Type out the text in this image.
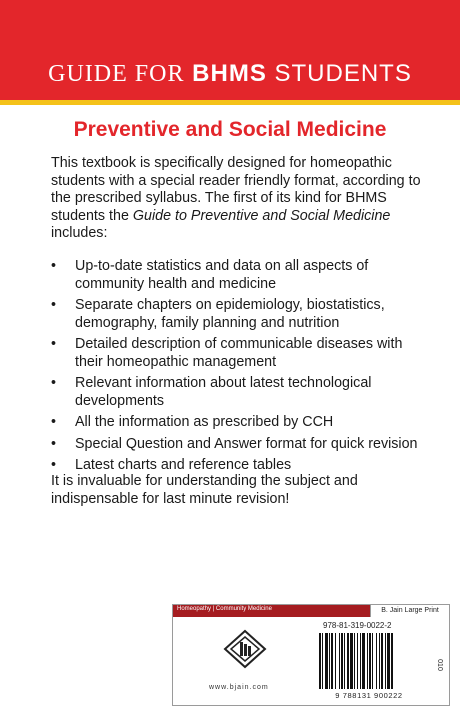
GUIDE FOR BHMS STUDENTS
Preventive and Social Medicine
This textbook is specifically designed for homeopathic students with a special reader friendly format, according to the prescribed syllabus. The first of its kind for BHMS students the Guide to Preventive and Social Medicine includes:
• Up-to-date statistics and data on all aspects of community health and medicine
• Separate chapters on epidemiology, biostatistics, demography, family planning and nutrition
• Detailed description of communicable diseases with their homeopathic management
• Relevant information about latest technological developments
• All the information as prescribed by CCH
• Special Question and Answer format for quick revision
• Latest charts and reference tables
It is invaluable for understanding the subject and indispensable for last minute revision!
Homeopathy | Community Medicine	B. Jain Large Print
www.bjain.com
978-81-319-0022-2
9 788131 900222
010
